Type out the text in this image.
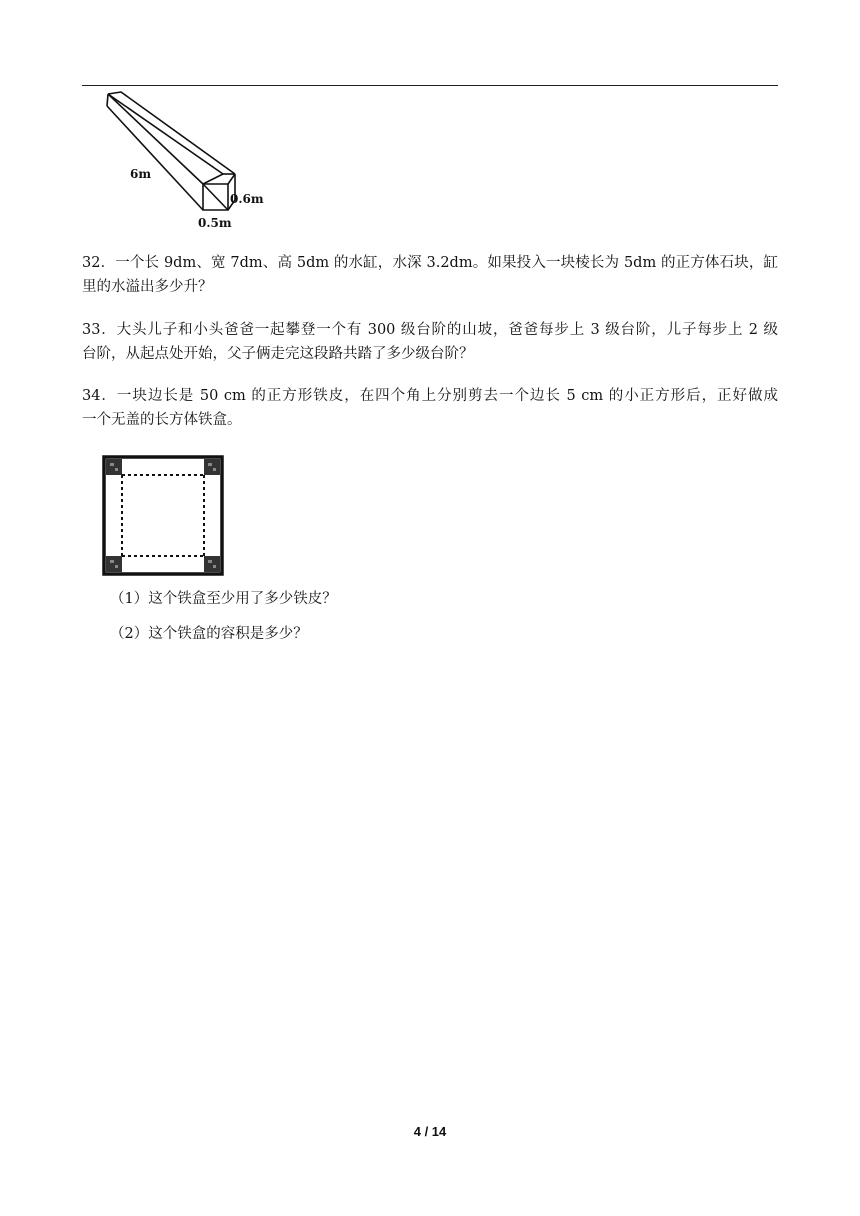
6m
0.6m
0.5m
32．一个长 9dm、宽 7dm、高 5dm 的水缸，水深 3.2dm。如果投入一块棱长为 5dm 的正方体石块，缸
里的水溢出多少升？
33．大头儿子和小头爸爸一起攀登一个有 300 级台阶的山坡，爸爸每步上 3 级台阶，儿子每步上 2 级
台阶，从起点处开始，父子俩走完这段路共踏了多少级台阶？
34．一块边长是 50 cm 的正方形铁皮，在四个角上分别剪去一个边长 5 cm 的小正方形后，正好做成
一个无盖的长方体铁盒。
（1）这个铁盒至少用了多少铁皮？
（2）这个铁盒的容积是多少？
4 / 14
